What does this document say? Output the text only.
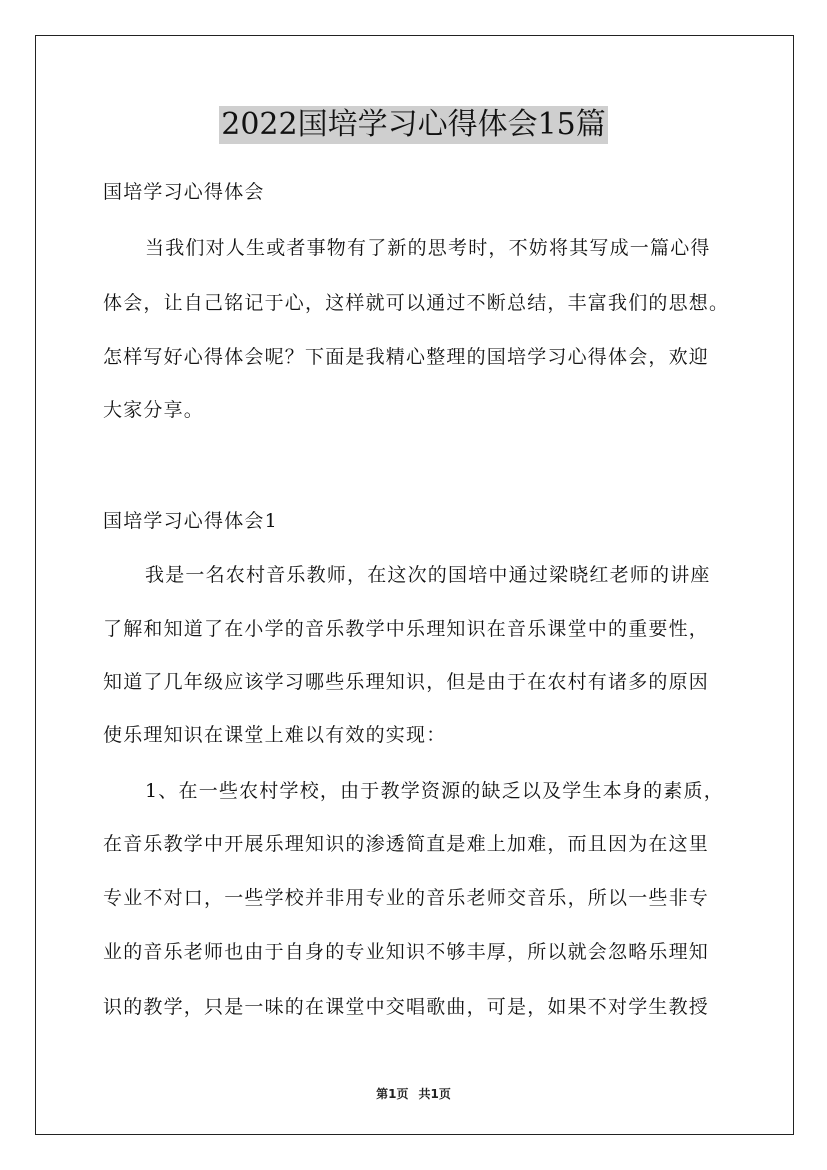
2022国培学习心得体会15篇
国培学习心得体会
当我们对人生或者事物有了新的思考时，不妨将其写成一篇心得
体会，让自己铭记于心，这样就可以通过不断总结，丰富我们的思想。
怎样写好心得体会呢？下面是我精心整理的国培学习心得体会，欢迎
大家分享。
国培学习心得体会1
我是一名农村音乐教师，在这次的国培中通过梁晓红老师的讲座
了解和知道了在小学的音乐教学中乐理知识在音乐课堂中的重要性，
知道了几年级应该学习哪些乐理知识，但是由于在农村有诸多的原因
使乐理知识在课堂上难以有效的实现：
1、在一些农村学校，由于教学资源的缺乏以及学生本身的素质，
在音乐教学中开展乐理知识的渗透简直是难上加难，而且因为在这里
专业不对口，一些学校并非用专业的音乐老师交音乐，所以一些非专
业的音乐老师也由于自身的专业知识不够丰厚，所以就会忽略乐理知
识的教学，只是一味的在课堂中交唱歌曲，可是，如果不对学生教授
第1页 共1页
